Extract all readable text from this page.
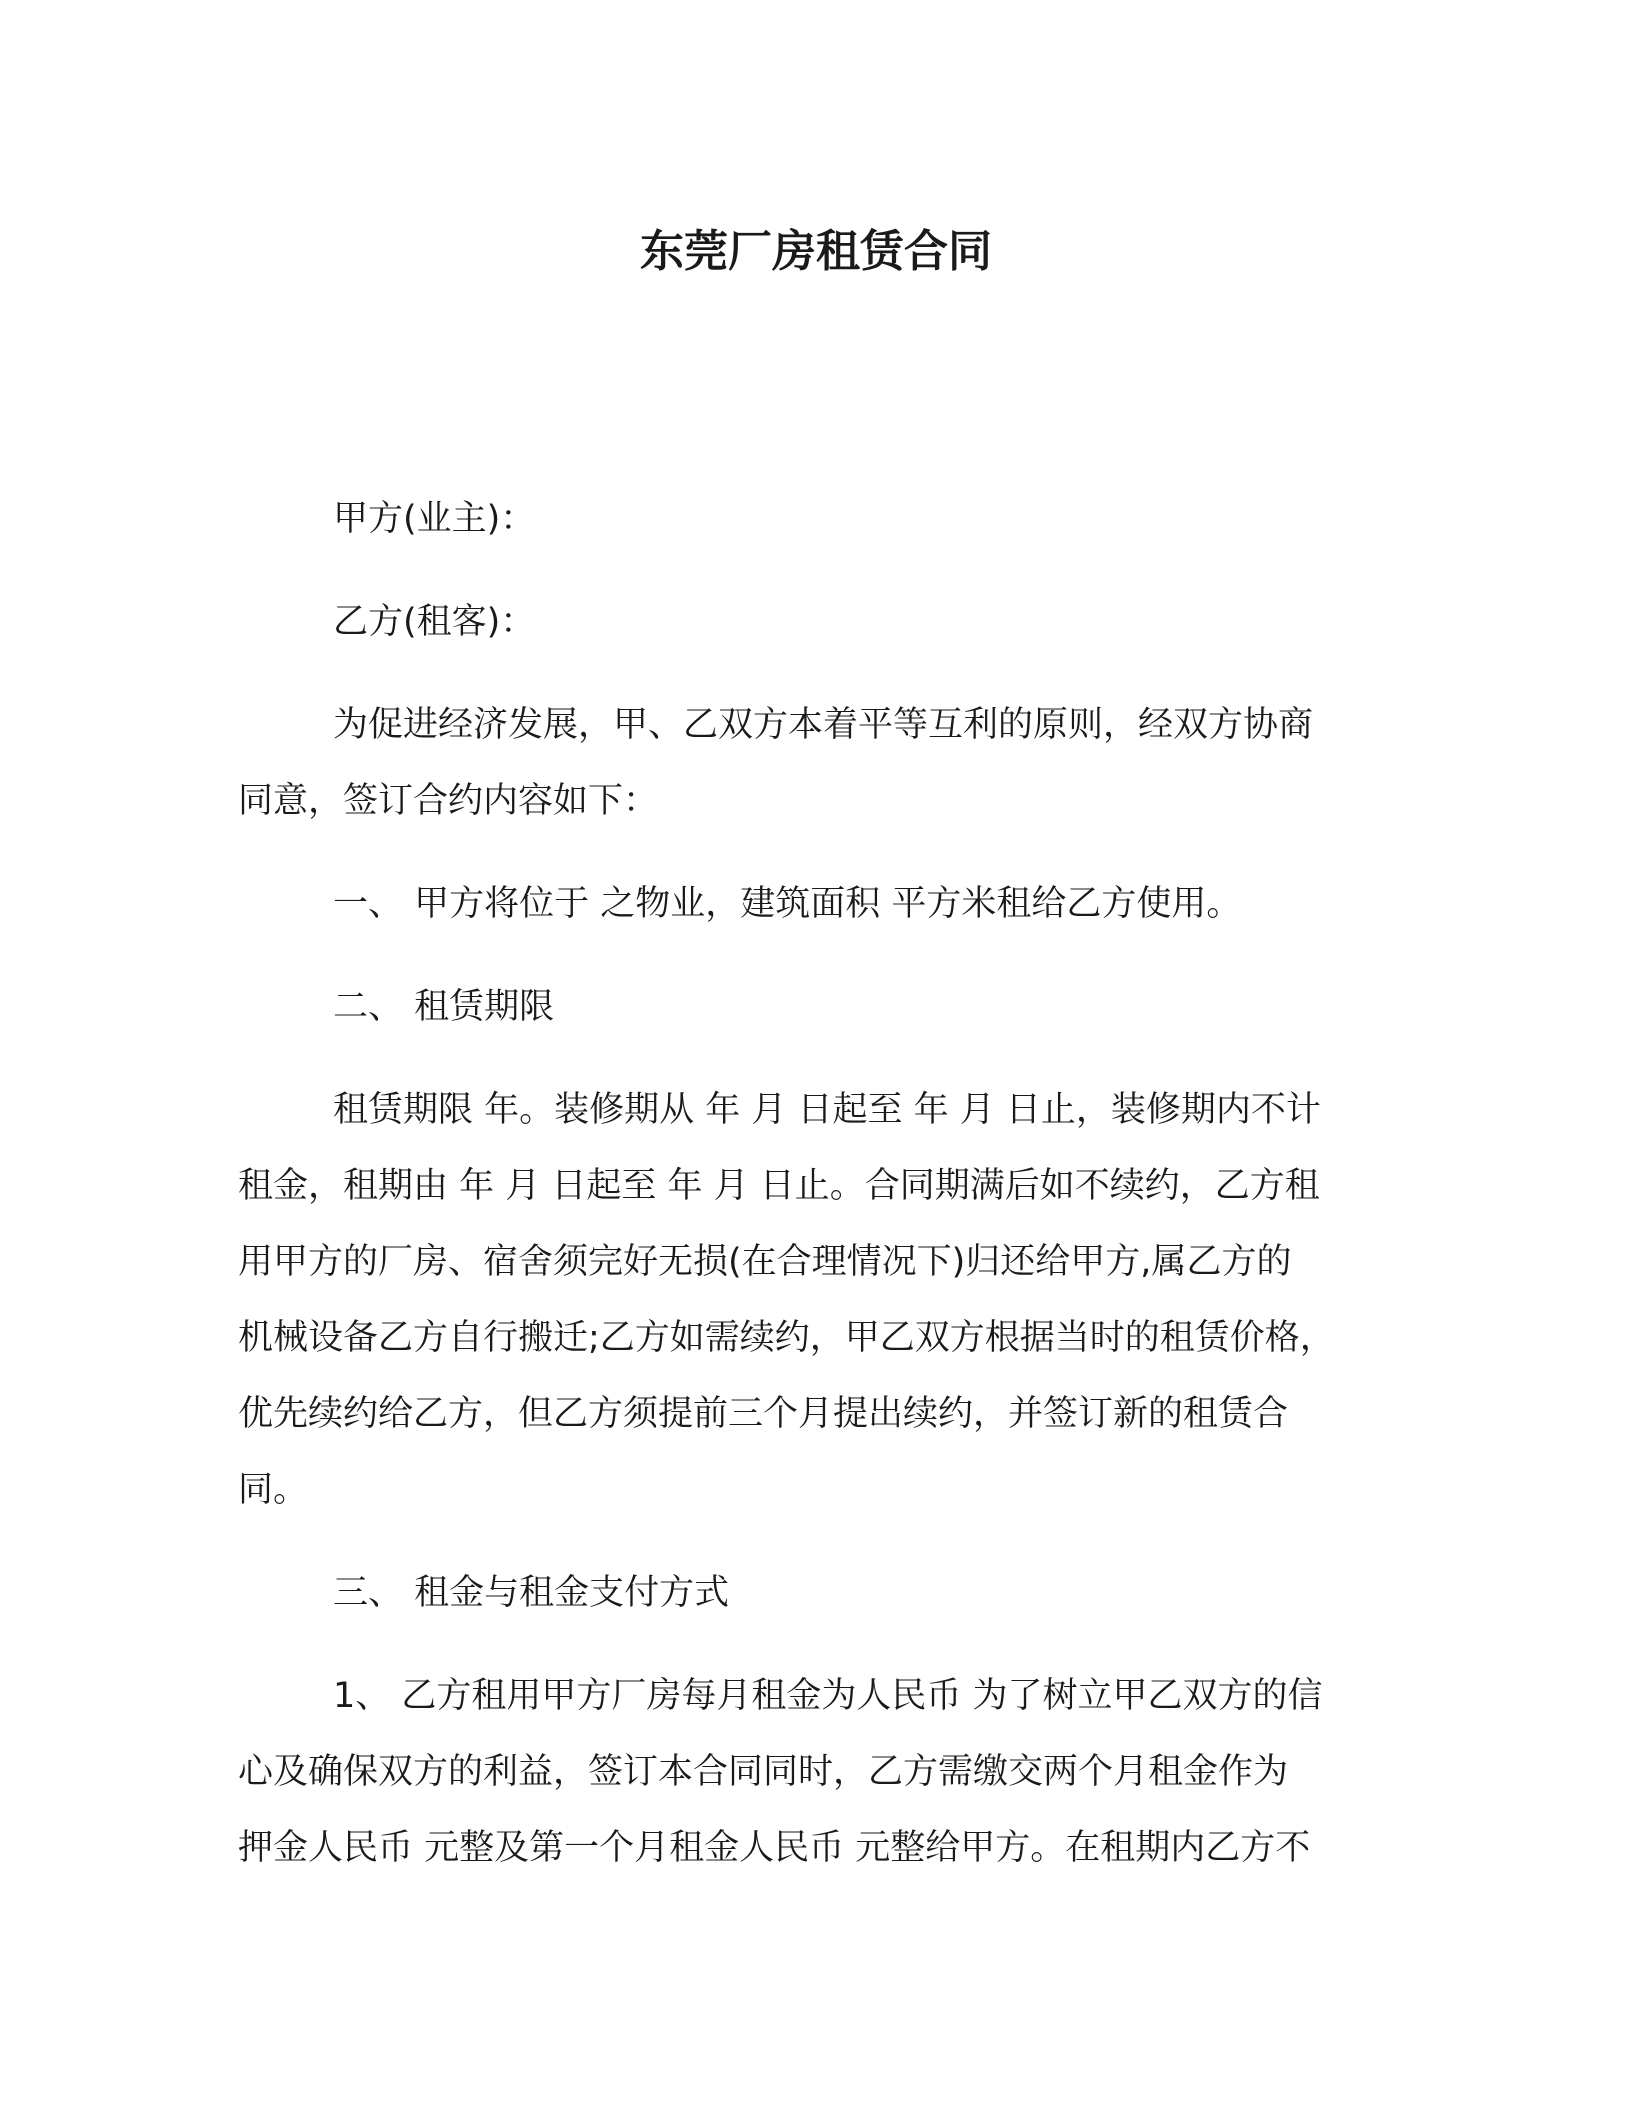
东莞厂房租赁合同
甲方(业主)：
乙方(租客)：
为促进经济发展，甲、乙双方本着平等互利的原则，经双方协商
同意，签订合约内容如下：
一、 甲方将位于 之物业，建筑面积 平方米租给乙方使用。
二、 租赁期限
租赁期限 年。装修期从 年 月 日起至 年 月 日止，装修期内不计
租金，租期由 年 月 日起至 年 月 日止。合同期满后如不续约，乙方租
用甲方的厂房、宿舍须完好无损(在合理情况下)归还给甲方,属乙方的
机械设备乙方自行搬迁;乙方如需续约，甲乙双方根据当时的租赁价格，
优先续约给乙方，但乙方须提前三个月提出续约，并签订新的租赁合
同。
三、 租金与租金支付方式
1、 乙方租用甲方厂房每月租金为人民币 为了树立甲乙双方的信
心及确保双方的利益，签订本合同同时，乙方需缴交两个月租金作为
押金人民币 元整及第一个月租金人民币 元整给甲方。在租期内乙方不
